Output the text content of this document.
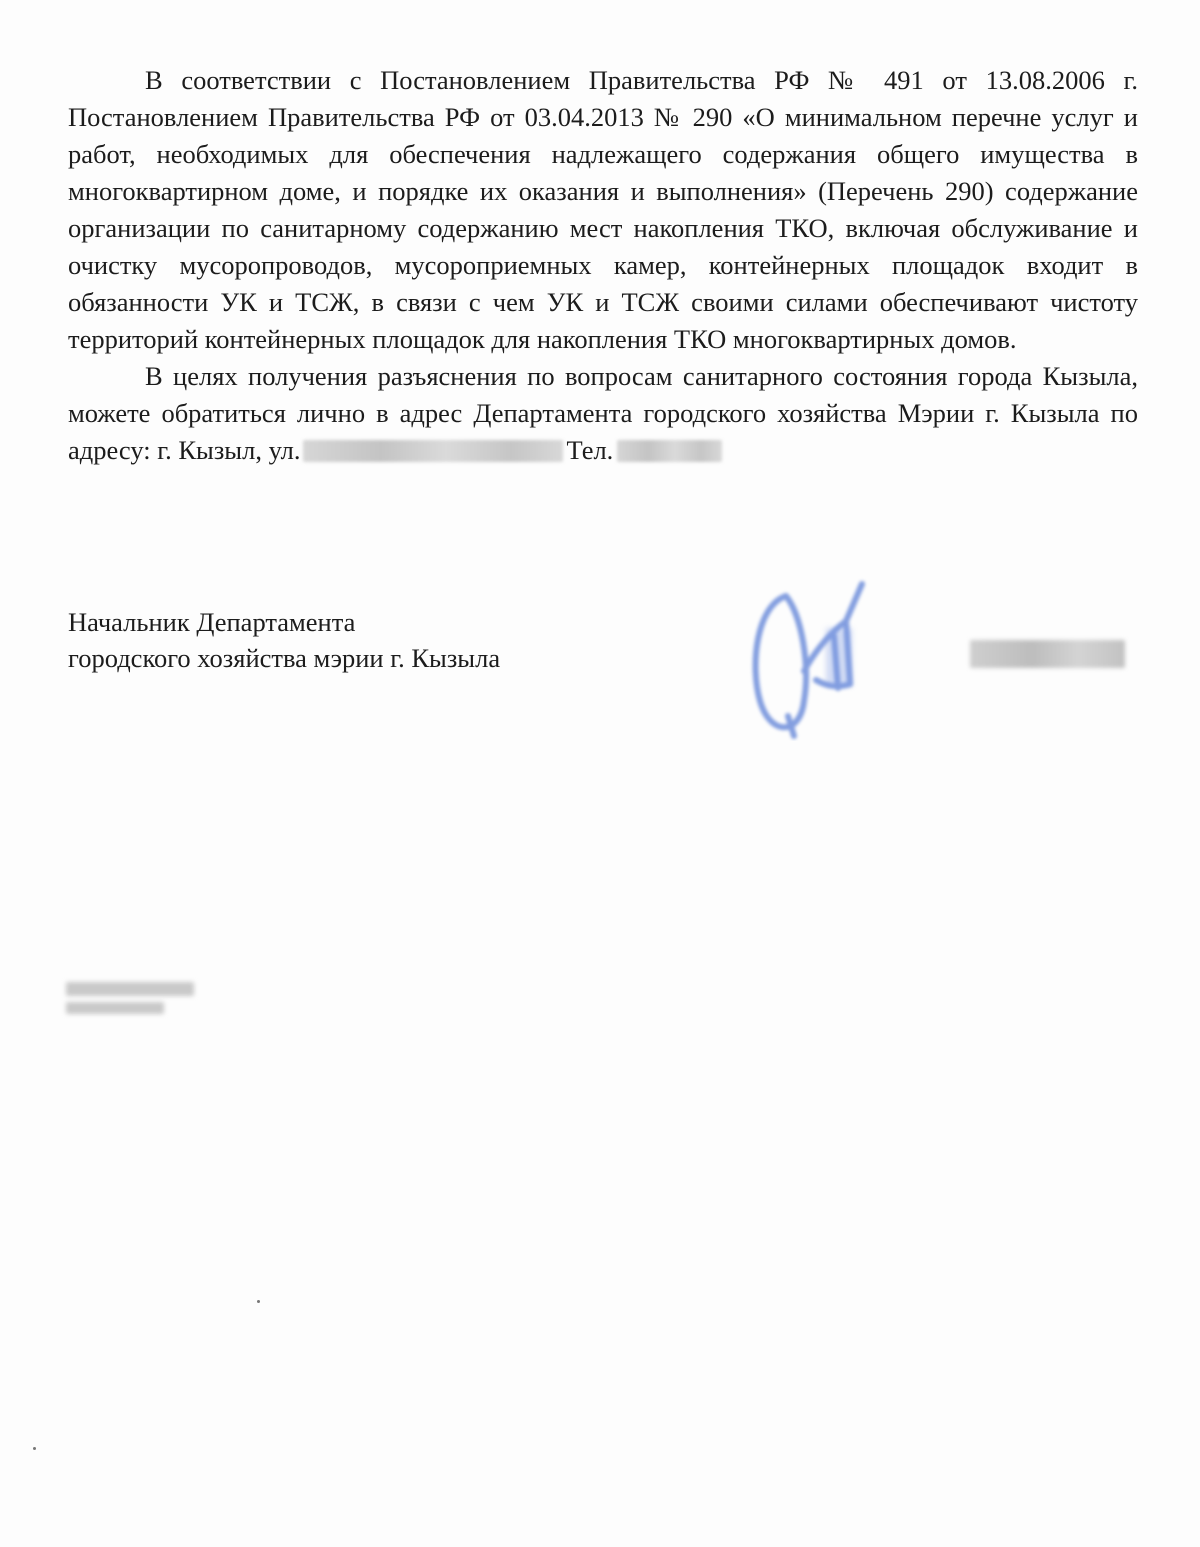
В соответствии с Постановлением Правительства РФ № 491 от 13.08.2006 г. Постановлением Правительства РФ от 03.04.2013 № 290 «О минимальном перечне услуг и работ, необходимых для обеспечения надлежащего содержания общего имущества в многоквартирном доме, и порядке их оказания и выполнения» (Перечень 290) содержание организации по санитарному содержанию мест накопления ТКО, включая обслуживание и очистку мусоропроводов, мусороприемных камер, контейнерных площадок входит в обязанности УК и ТСЖ, в связи с чем УК и ТСЖ своими силами обеспечивают чистоту территорий контейнерных площадок для накопления ТКО многоквартирных домов.

В целях получения разъяснения по вопросам санитарного состояния города Кызыла, можете обратиться лично в адрес Департамента городского хозяйства Мэрии г. Кызыла по адресу: г. Кызыл, ул.	Тел.

Начальник Департамента
городского хозяйства мэрии г. Кызыла
